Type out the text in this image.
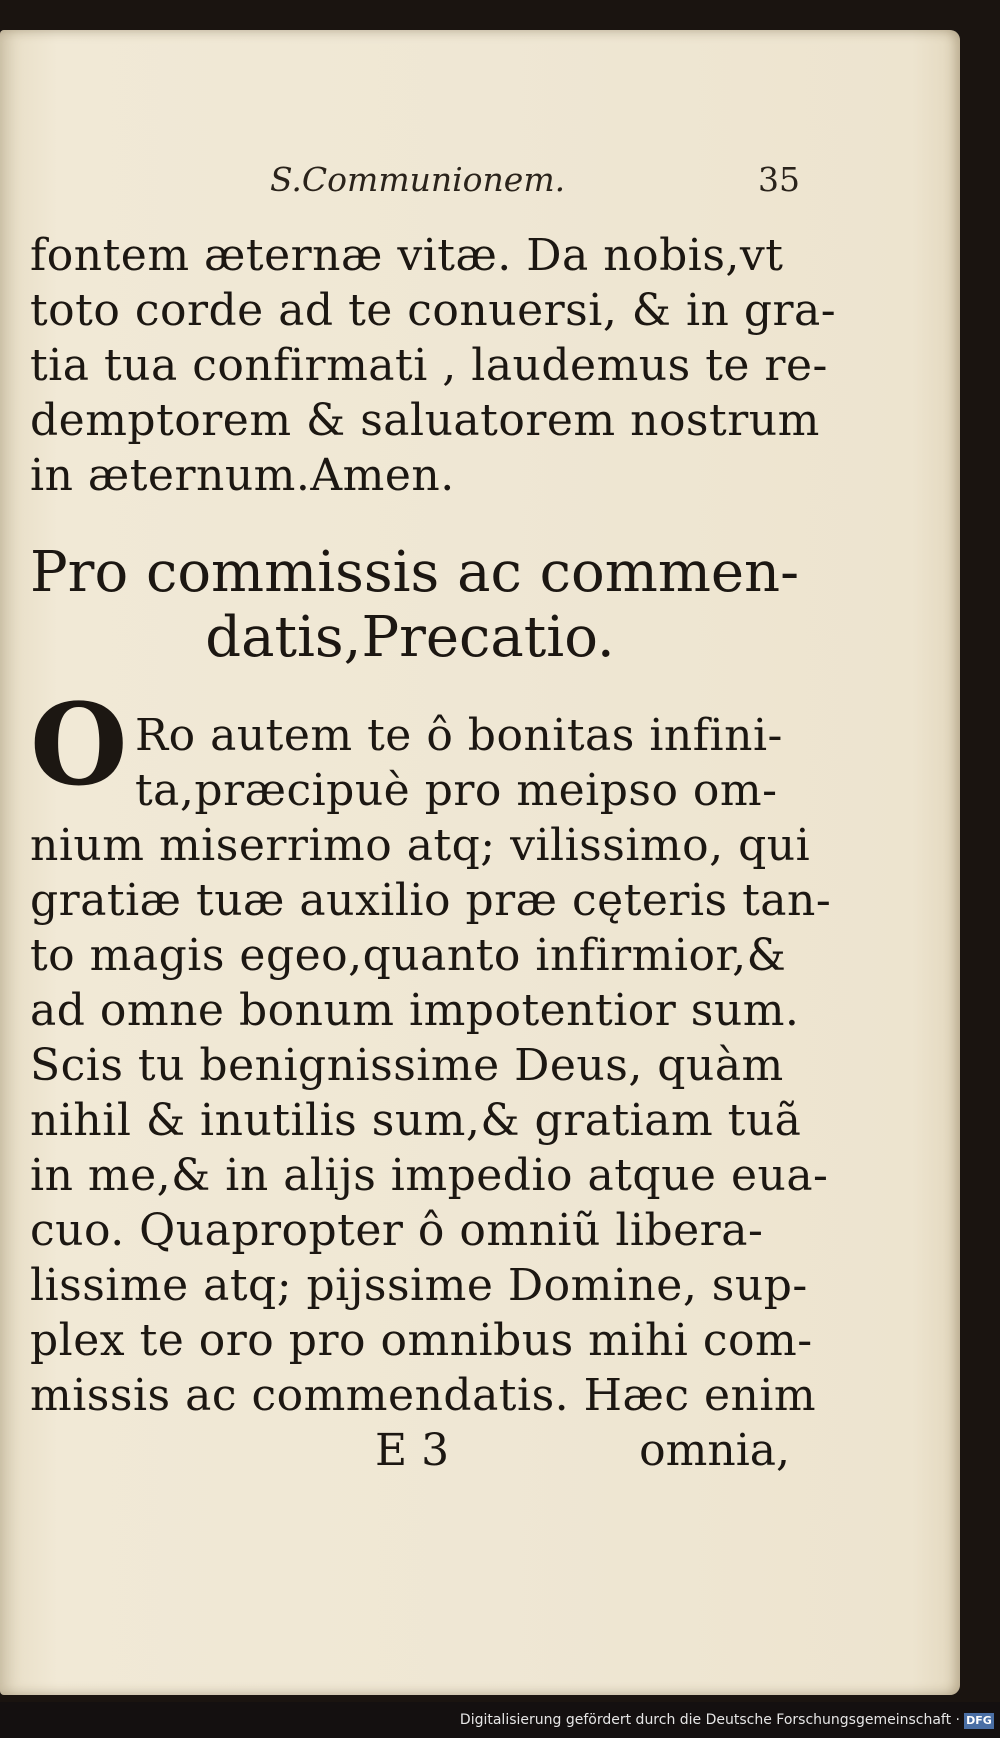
S.Communionem.	35
fontem æternæ vitæ. Da nobis,vt
toto corde ad te conuersi, & in gra-
tia tua confirmati , laudemus te re-
demptorem & saluatorem nostrum
in æternum.Amen.
Pro commissis ac commen-
datis,Precatio.
O Ro autem te ô bonitas infini-
ta,præcipuè pro meipso om-
nium miserrimo atq; vilissimo, qui
gratiæ tuæ auxilio præ cęteris tan-
to magis egeo,quanto infirmior,&
ad omne bonum impotentior sum.
Scis tu benignissime Deus, quàm
nihil & inutilis sum,& gratiam tuã
in me,& in alijs impedio atque eua-
cuo. Quapropter ô omniũ libera-
lissime atq; pijssime Domine, sup-
plex te oro pro omnibus mihi com-
missis ac commendatis. Hæc enim
E 3	omnia,
Digitalisierung gefördert durch die Deutsche Forschungsgemeinschaft · DFG
